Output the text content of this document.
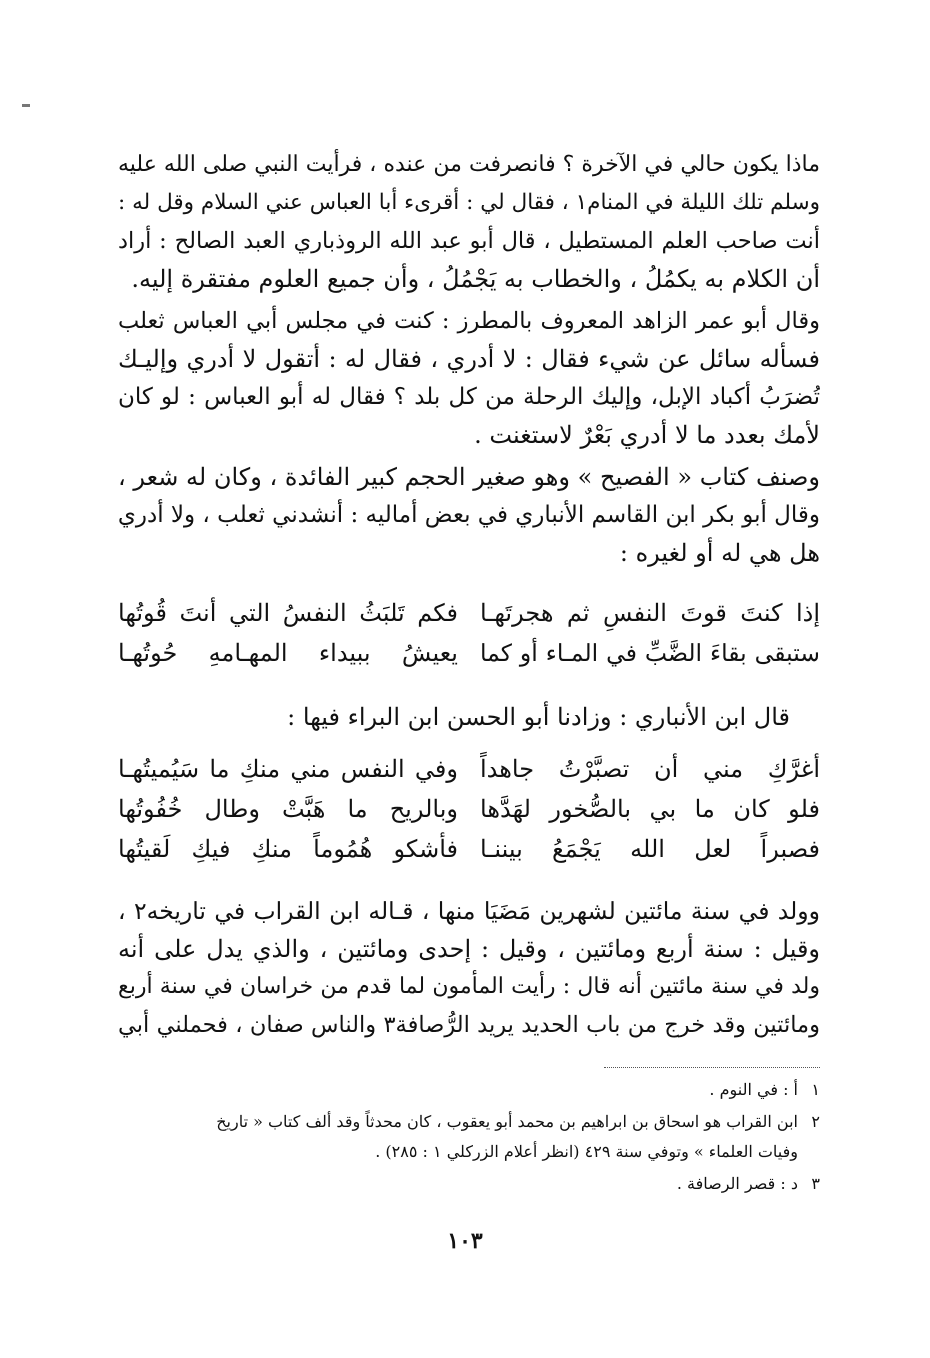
ماذا يكون حالي في الآخرة ؟ فانصرفت من عنده ، فرأيت النبي صلى الله عليه
وسلم تلك الليلة في المنام١ ، فقال لي : أقرىء أبا العباس عني السلام وقل له :
أنت صاحب العلم المستطيل ، قال أبو عبد الله الروذباري العبد الصالح : أراد
أن الكلام به يكمُلُ ، والخطاب به يَجْمُلُ ، وأن جميع العلوم مفتقرة إليه.
وقال أبو عمر الزاهد المعروف بالمطرز : كنت في مجلس أبي العباس ثعلب
فسأله سائل عن شيء فقال : لا أدري ، فقال له : أتقول لا أدري وإليـك
تُضرَبُ أكباد الإبل، وإليك الرحلة من كل بلد ؟ فقال له أبو العباس : لو كان
لأمك بعدد ما لا أدري بَعْرٌ لاستغنت .
وصنف كتاب « الفصيح » وهو صغير الحجم كبير الفائدة ، وكان له شعر ،
وقال أبو بكر ابن القاسم الأنباري في بعض أماليه : أنشدني ثعلب ، ولا أدري
هل هي له أو لغيره :
إذا كنتَ قوتَ النفسِ ثم هجرتَهـا
فكم تَلبَثُ النفسُ التي أنتَ قُوتُها
ستبقى بقاءَ الضَّبِّ في المـاء أو كما
يعيشُ ببيداء المهـامهِ حُوتُهـا
قال ابن الأنباري : وزادنا أبو الحسن ابن البراء فيها :
أغرَّكِ مني أن تصبَّرْتُ جاهداً
وفي النفس مني منكِ ما سَيُميتُهـا
فلو كان ما بي بالصُّخور لهَدَّها
وبالريح ما هَبَّتْ وطال خُفُوتُها
فصبراً لعل الله يَجْمَعُ بيننـا
فأشكو هُمُوماً منكِ فيكِ لَقيتُها
وولد في سنة مائتين لشهرين مَضَيَا منها ، قـاله ابن القراب في تاريخه٢ ،
وقيل : سنة أربع ومائتين ، وقيل : إحدى ومائتين ، والذي يدل على أنه
ولد في سنة مائتين أنه قال : رأيت المأمون لما قدم من خراسان في سنة أربع
ومائتين وقد خرج من باب الحديد يريد الرُّصافة٣ والناس صفان ، فحملني أبي
١أ : في النوم .
٢ابن القراب هو اسحاق بن ابراهيم بن محمد أبو يعقوب ، كان محدثاً وقد ألف كتاب « تاريخ
وفيات العلماء » وتوفي سنة ٤٢٩ (انظر أعلام الزركلي ١ : ٢٨٥) .
٣د : قصر الرصافة .
١٠٣
